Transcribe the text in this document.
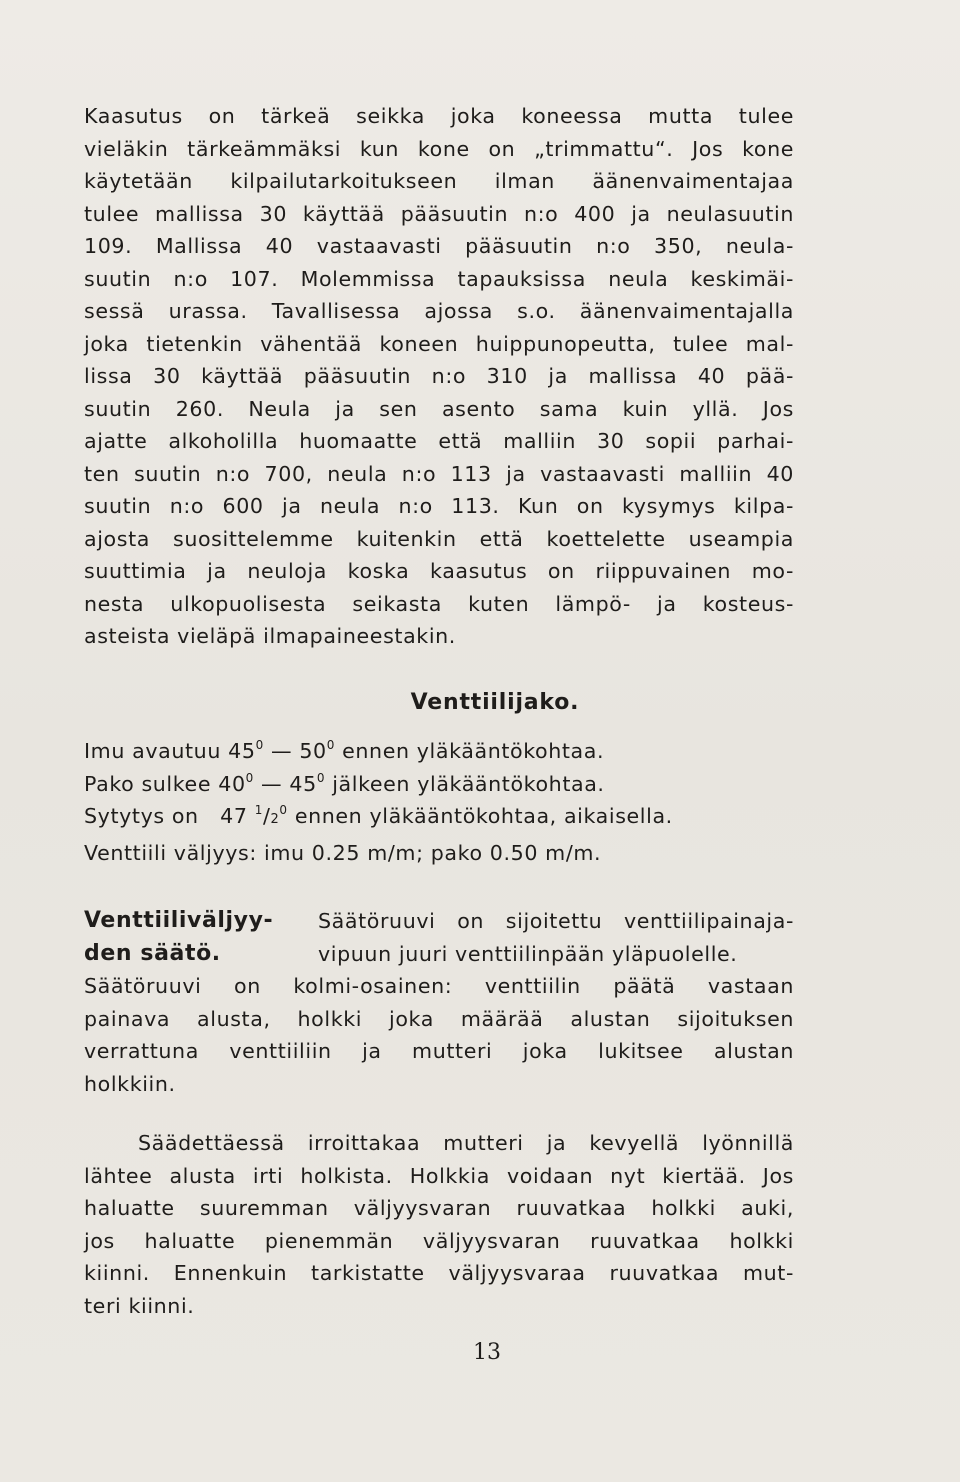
Kaasutus on tärkeä seikka joka koneessa mutta tulee
vieläkin tärkeämmäksi kun kone on „trimmattu“. Jos kone
käytetään kilpailutarkoitukseen ilman äänenvaimentajaa
tulee mallissa 30 käyttää pääsuutin n:o 400 ja neulasuutin
109. Mallissa 40 vastaavasti pääsuutin n:o 350, neula-
suutin n:o 107. Molemmissa tapauksissa neula keskimäi-
sessä urassa. Tavallisessa ajossa s.o. äänenvaimentajalla
joka tietenkin vähentää koneen huippunopeutta, tulee mal-
lissa 30 käyttää pääsuutin n:o 310 ja mallissa 40 pää-
suutin 260. Neula ja sen asento sama kuin yllä. Jos
ajatte alkoholilla huomaatte että malliin 30 sopii parhai-
ten suutin n:o 700, neula n:o 113 ja vastaavasti malliin 40
suutin n:o 600 ja neula n:o 113. Kun on kysymys kilpa-
ajosta suosittelemme kuitenkin että koettelette useampia
suuttimia ja neuloja koska kaasutus on riippuvainen mo-
nesta ulkopuolisesta seikasta kuten lämpö- ja kosteus-
asteista vieläpä ilmapaineestakin.
Venttiilijako.
Imu avautuu $45^0$ — $50^0$ ennen yläkääntökohtaa.
Pako sulkee $40^0$ — $45^0$ jälkeen yläkääntökohtaa.
Sytytys on 47 $^1/2^0$ ennen yläkääntökohtaa, aikaisella.
Venttiili väljyys: imu 0.25 m/m; pako 0.50 m/m.
Venttiiliväljyy-
den säätö.
Säätöruuvi on sijoitettu venttiilipainaja-
vipuun juuri venttiilinpään yläpuolelle.
Säätöruuvi on kolmi-osainen: venttiilin päätä vastaan
painava alusta, holkki joka määrää alustan sijoituksen
verrattuna venttiiliin ja mutteri joka lukitsee alustan
holkkiin.
Säädettäessä irroittakaa mutteri ja kevyellä lyönnillä
lähtee alusta irti holkista. Holkkia voidaan nyt kiertää. Jos
haluatte suuremman väljyysvaran ruuvatkaa holkki auki,
jos haluatte pienemmän väljyysvaran ruuvatkaa holkki
kiinni. Ennenkuin tarkistatte väljyysvaraa ruuvatkaa mut-
teri kiinni.
13
